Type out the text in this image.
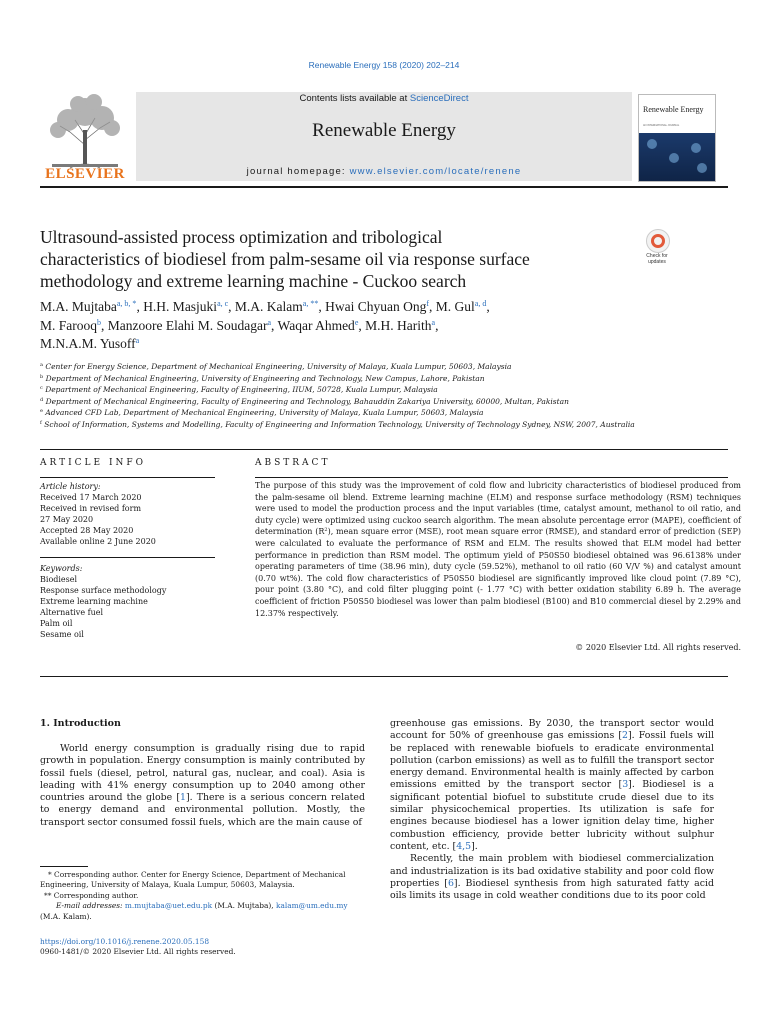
Renewable Energy 158 (2020) 202–214
ELSEVIER
Contents lists available at ScienceDirect
Renewable Energy
journal homepage: www.elsevier.com/locate/renene
Renewable Energy
AN INTERNATIONAL JOURNAL
Ultrasound-assisted process optimization and tribological
characteristics of biodiesel from palm-sesame oil via response surface
methodology and extreme learning machine - Cuckoo search
Check for updates
M.A. Mujtaba$^{a, b, *}$, H.H. Masjuki$^{a, c}$, M.A. Kalam$^{a, **}$, Hwai Chyuan Ong$^f$, M. Gul$^{a, d}$,
M. Farooq$^b$, Manzoore Elahi M. Soudagar$^a$, Waqar Ahmed$^e$, M.H. Harith$^a$,
M.N.A.M. Yusoff$^a$
$^a$ Center for Energy Science, Department of Mechanical Engineering, University of Malaya, Kuala Lumpur, 50603, Malaysia
$^b$ Department of Mechanical Engineering, University of Engineering and Technology, New Campus, Lahore, Pakistan
$^c$ Department of Mechanical Engineering, Faculty of Engineering, IIUM, 50728, Kuala Lumpur, Malaysia
$^d$ Department of Mechanical Engineering, Faculty of Engineering and Technology, Bahauddin Zakariya University, 60000, Multan, Pakistan
$^e$ Advanced CFD Lab, Department of Mechanical Engineering, University of Malaya, Kuala Lumpur, 50603, Malaysia
$^f$ School of Information, Systems and Modelling, Faculty of Engineering and Information Technology, University of Technology Sydney, NSW, 2007, Australia
ARTICLE INFO	ABSTRACT
Article history:
Received 17 March 2020
Received in revised form
27 May 2020
Accepted 28 May 2020
Available online 2 June 2020
Keywords:
Biodiesel
Response surface methodology
Extreme learning machine
Alternative fuel
Palm oil
Sesame oil
The purpose of this study was the improvement of cold flow and lubricity characteristics of biodiesel produced from the palm-sesame oil blend. Extreme learning machine (ELM) and response surface methodology (RSM) techniques were used to model the production process and the input variables (time, catalyst amount, methanol to oil ratio, and duty cycle) were optimized using cuckoo search algorithm. The mean absolute percentage error (MAPE), coefficient of determination $(R^2)$, mean square error (MSE), root mean square error (RMSE), and standard error of prediction (SEP) were calculated to evaluate the performance of RSM and ELM. The results showed that ELM model had better performance in prediction than RSM model. The optimum yield of P50S50 biodiesel obtained was 96.6138% under operating parameters of time (38.96 min), duty cycle (59.52%), methanol to oil ratio (60 V/V %) and catalyst amount (0.70 wt%). The cold flow characteristics of P50S50 biodiesel are significantly improved like cloud point (7.89 °C), pour point (3.80 °C), and cold filter plugging point (- 1.77 °C) with better oxidation stability 6.89 h. The average coefficient of friction P50S50 biodiesel was lower than palm biodiesel (B100) and B10 commercial diesel by 2.29% and 12.37% respectively.
© 2020 Elsevier Ltd. All rights reserved.
1. Introduction

World energy consumption is gradually rising due to rapid growth in population. Energy consumption is mainly contributed by fossil fuels (diesel, petrol, natural gas, nuclear, and coal). Asia is leading with 41% energy consumption up to 2040 among other countries around the globe [1]. There is a serious concern related to energy demand and environmental pollution. Mostly, the transport sector consumed fossil fuels, which are the main cause of

greenhouse gas emissions. By 2030, the transport sector would account for 50% of greenhouse gas emissions [2]. Fossil fuels will be replaced with renewable biofuels to eradicate environmental pollution (carbon emissions) as well as to fulfill the transport sector energy demand. Environmental health is mainly affected by carbon emissions emitted by the transport sector [3]. Biodiesel is a significant potential biofuel to substitute crude diesel due to its similar physicochemical properties. Its utilization is safe for engines because biodiesel has a lower ignition delay time, higher combustion efficiency, provide better lubricity without sulphur content, etc. [4,5].

Recently, the main problem with biodiesel commercialization and industrialization is its bad oxidative stability and poor cold flow properties [6]. Biodiesel synthesis from high saturated fatty acid oils limits its usage in cold weather conditions due to its poor cold

* Corresponding author. Center for Energy Science, Department of Mechanical Engineering, University of Malaya, Kuala Lumpur, 50603, Malaysia.
** Corresponding author.
E-mail addresses: m.mujtaba@uet.edu.pk (M.A. Mujtaba), kalam@um.edu.my (M.A. Kalam).
https://doi.org/10.1016/j.renene.2020.05.158
0960-1481/© 2020 Elsevier Ltd. All rights reserved.
